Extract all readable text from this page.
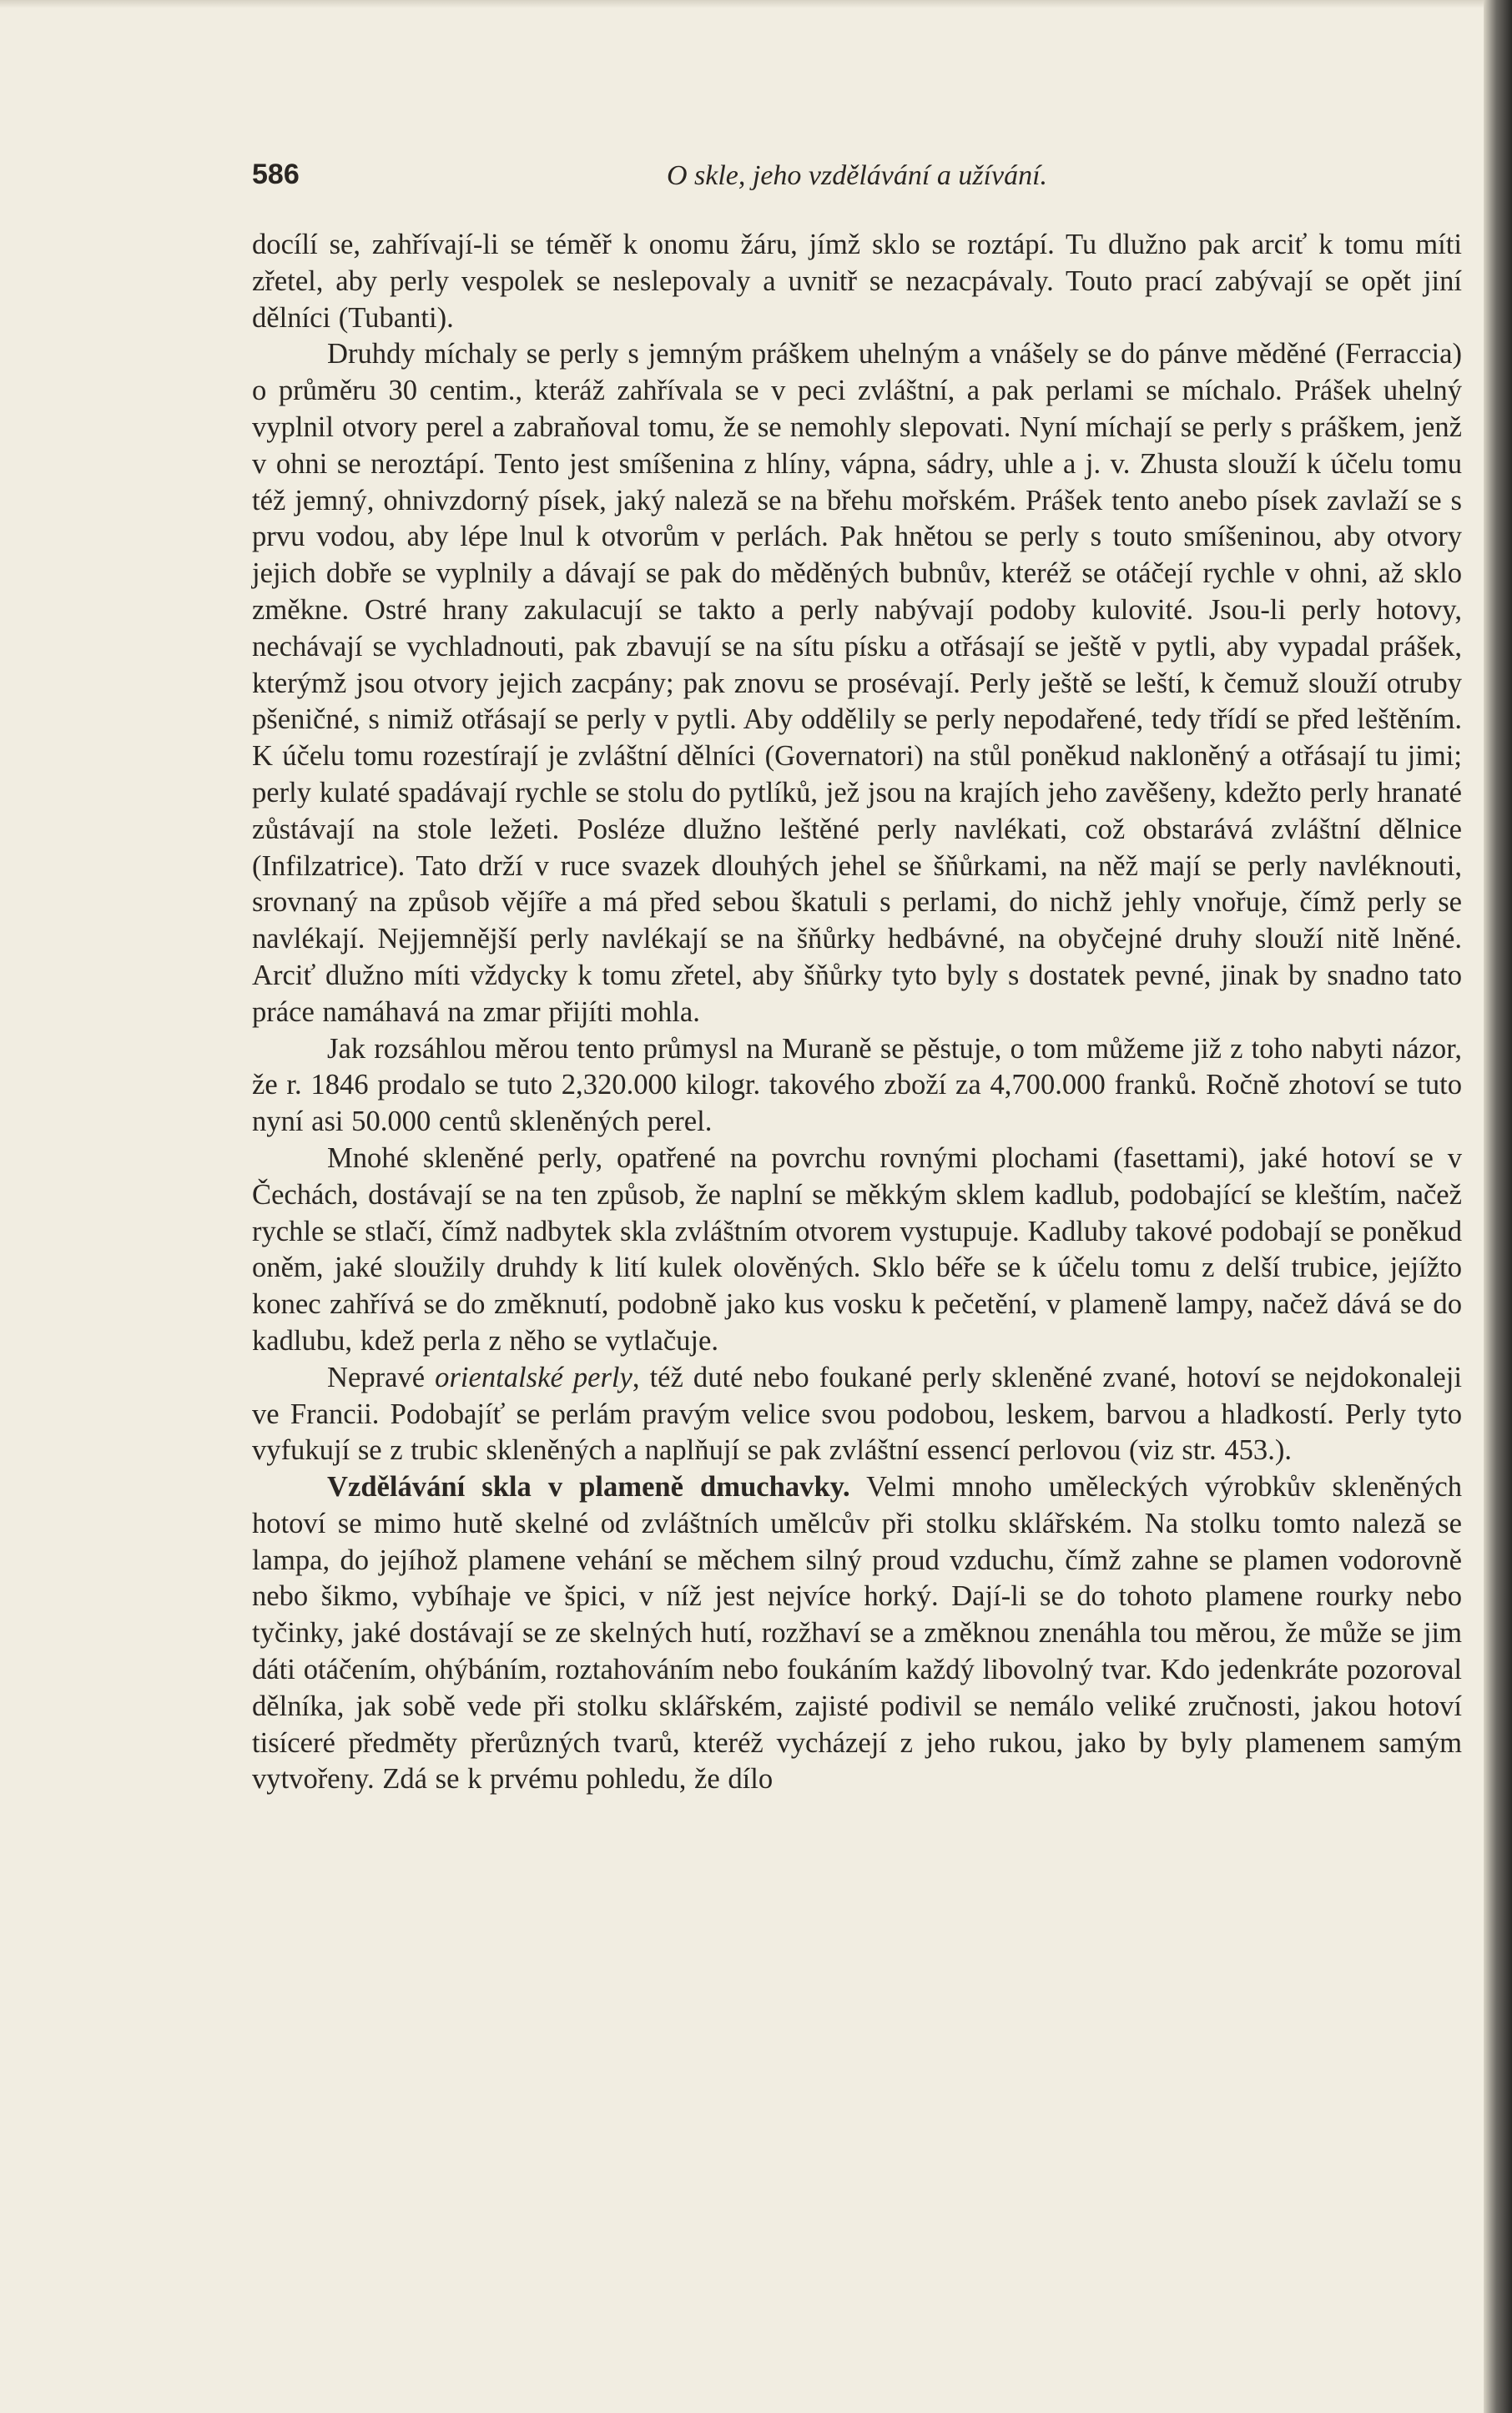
586	O skle, jeho vzdělávání a užívání.

docílí se, zahřívají-li se téměř k onomu žáru, jímž sklo se roztápí. Tu dlužno pak arciť k tomu míti zřetel, aby perly vespolek se neslepovaly a uvnitř se nezacpávaly. Touto prací zabývají se opět jiní dělníci (Tubanti).

Druhdy míchaly se perly s jemným práškem uhelným a vnášely se do pánve měděné (Ferraccia) o průměru 30 centim., kteráž zahřívala se v peci zvláštní, a pak perlami se míchalo. Prášek uhelný vyplnil otvory perel a zabraňoval tomu, že se nemohly slepovati. Nyní míchají se perly s práškem, jenž v ohni se neroztápí. Tento jest smíšenina z hlíny, vápna, sádry, uhle a j. v. Zhusta slouží k účelu tomu též jemný, ohnivzdorný písek, jaký naleză se na břehu mořském. Prášek tento anebo písek zavlaží se s prvu vodou, aby lépe lnul k otvorům v perlách. Pak hnětou se perly s touto smíšeninou, aby otvory jejich dobře se vyplnily a dávají se pak do měděných bubnův, kteréž se otáčejí rychle v ohni, až sklo změkne. Ostré hrany zakulacují se takto a perly nabývají podoby kulovité. Jsou-li perly hotovy, nechávají se vychladnouti, pak zbavují se na sítu písku a otřásají se ještě v pytli, aby vypadal prášek, kterýmž jsou otvory jejich zacpány; pak znovu se prosévají. Perly ještě se leští, k čemuž slouží otruby pšeničné, s nimiž otřásají se perly v pytli. Aby oddělily se perly nepodařené, tedy třídí se před leštěním. K účelu tomu rozestírají je zvláštní dělníci (Governatori) na stůl poněkud nakloněný a otřásají tu jimi; perly kulaté spadávají rychle se stolu do pytlíků, jež jsou na krajích jeho zavěšeny, kdežto perly hranaté zůstávají na stole ležeti. Posléze dlužno leštěné perly navlékati, což obstarává zvláštní dělnice (Infilzatrice). Tato drží v ruce svazek dlouhých jehel se šňůrkami, na něž mají se perly navléknouti, srovnaný na způsob vějíře a má před sebou škatuli s perlami, do nichž jehly vnořuje, čímž perly se navlékají. Nejjemnější perly navlékají se na šňůrky hedbávné, na obyčejné druhy slouží nitě lněné. Arciť dlužno míti vždycky k tomu zřetel, aby šňůrky tyto byly s dostatek pevné, jinak by snadno tato práce namáhavá na zmar přijíti mohla.

Jak rozsáhlou měrou tento průmysl na Muraně se pěstuje, o tom můžeme již z toho nabyti názor, že r. 1846 prodalo se tuto 2,320.000 kilogr. takového zboží za 4,700.000 franků. Ročně zhotoví se tuto nyní asi 50.000 centů skleněných perel.

Mnohé skleněné perly, opatřené na povrchu rovnými plochami (fasettami), jaké hotoví se v Čechách, dostávají se na ten způsob, že naplní se měkkým sklem kadlub, podobající se kleštím, načež rychle se stlačí, čímž nadbytek skla zvláštním otvorem vystupuje. Kadluby takové podobají se poněkud oněm, jaké sloužily druhdy k lití kulek olověných. Sklo béře se k účelu tomu z delší trubice, jejížto konec zahřívá se do změknutí, podobně jako kus vosku k pečetění, v plameně lampy, načež dává se do kadlubu, kdež perla z něho se vytlačuje.

Nepravé orientalské perly, též duté nebo foukané perly skleněné zvané, hotoví se nejdokonaleji ve Francii. Podobajíť se perlám pravým velice svou podobou, leskem, barvou a hladkostí. Perly tyto vyfukují se z trubic skleněných a naplňují se pak zvláštní essencí perlovou (viz str. 453.).

Vzdělávání skla v plameně dmuchavky. Velmi mnoho uměleckých výrobkův skleněných hotoví se mimo hutě skelné od zvláštních umělcův při stolku sklářském. Na stolku tomto naleză se lampa, do jejíhož plamene vehání se měchem silný proud vzduchu, čímž zahne se plamen vodorovně nebo šikmo, vybíhaje ve špici, v níž jest nejvíce horký. Dají-li se do tohoto plamene rourky nebo tyčinky, jaké dostávají se ze skelných hutí, rozžhaví se a změknou znenáhla tou měrou, že může se jim dáti otáčením, ohýbáním, roztahováním nebo foukáním každý libovolný tvar. Kdo jedenkráte pozoroval dělníka, jak sobě vede při stolku sklářském, zajisté podivil se nemálo veliké zručnosti, jakou hotoví tisíceré předměty přerůzných tvarů, kteréž vycházejí z jeho rukou, jako by byly plamenem samým vytvořeny. Zdá se k prvému pohledu, že dílo
